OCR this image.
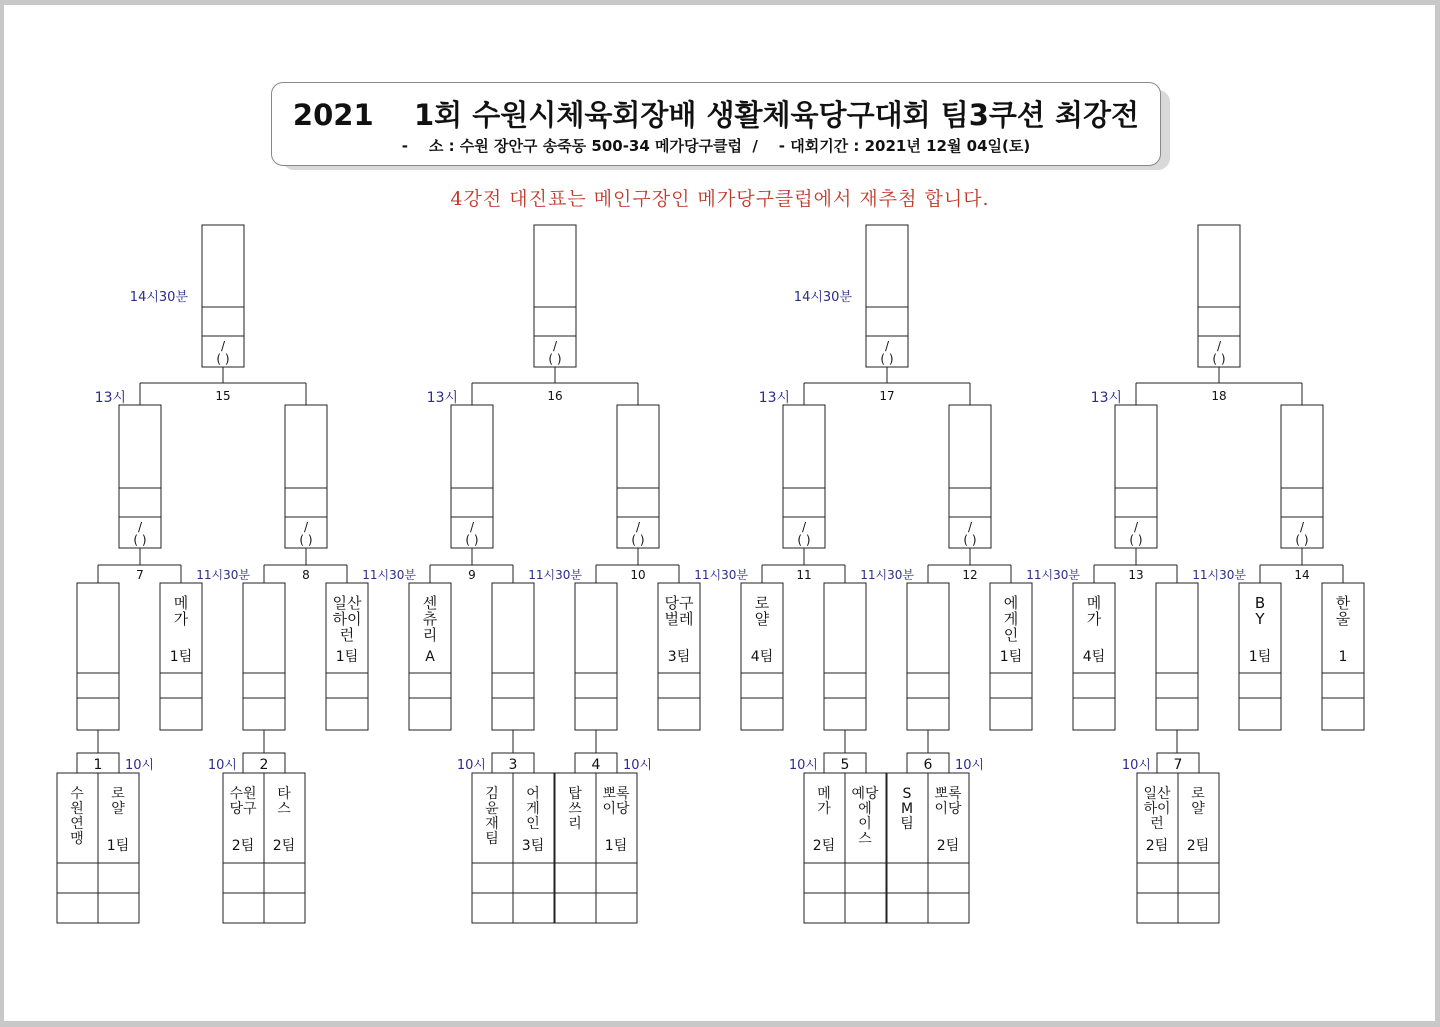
2021    1회 수원시체육회장배 생활체육당구대회 팀3쿠션 최강전
-    소 : 수원 장안구 송죽동 500-34 메가당구클럽  /    - 대회기간 : 2021년 12월 04일(토)
4강전 대진표는 메인구장인 메가당구클럽에서 재추첨 합니다.
/
( )
14시30분
/
( )
/
( )
14시30분
/
( )
15
13시
/
( )
/
( )
16
13시
/
( )
/
( )
17
13시
/
( )
/
( )
18
13시
/
( )
/
( )
7	8
11시30분	9
11시30분	10
11시30분	11
11시30분	12
11시30분	13
11시30분	14
11시30분
메
가
1팀
일산
하이
런
1팀
센
츄
리
A
당구
벌레
3팀
로
얄
4팀
에
게
인
1팀
메
가
4팀
B
Y
1팀
한
울
1
1 10시
수
원
연
맹
로
얄
1팀
2
10시
수원
당구
2팀
타
스
2팀
3
10시
김
윤
재
팀
어
게
인
3팀
4 10시
탑
쓰
리
뽀록
이당
1팀
5
10시
메
가
2팀
예당
에
이
스
6 10시
S
M
팀
뽀록
이당
2팀
7
10시
일산
하이
런
2팀
로
얄
2팀
